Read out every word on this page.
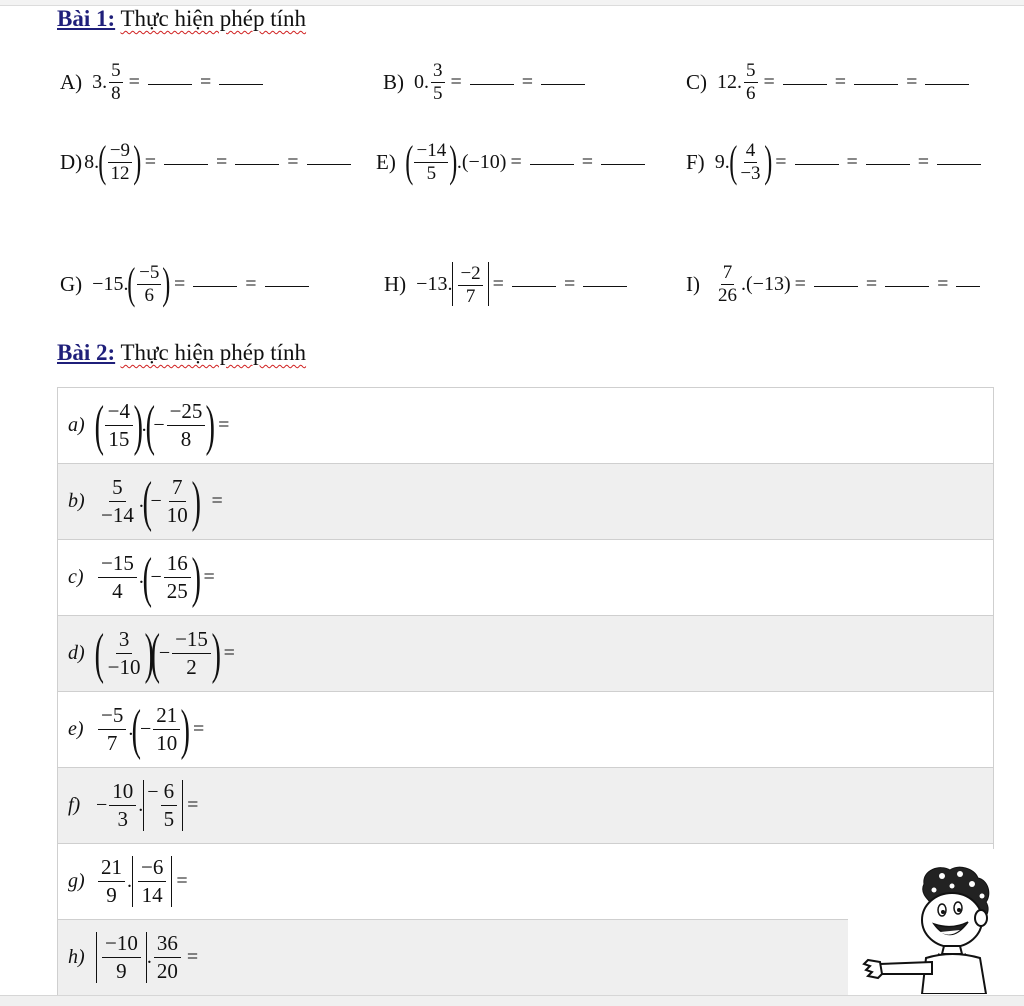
Bài 1: Thực hiện phép tính
A) 3. $\frac{5}{8}$ =	=	B) 0. $\frac{3}{5}$ =	=	C) 12. $\frac{5}{6}$ =	=	=
D) 8. ( $\frac{-9}{12}$ ) =	=	=	E) ( $\frac{-14}{5}$ ) .(−10) =	=	F) 9. ( $\frac{4}{-3}$ ) =	=	=
G) −15. ( $\frac{-5}{6}$ ) =	=	H) −13. $\frac{-2}{7}$ =	=	$I) \frac{7}{26} .(-13)$ =	=	=
Bài 2: Thực hiện phép tính
a) ( $\frac{-4}{15}$ )
.
(
− $\frac{-25}{8}$ ) =

$b) \frac{5}{-14}$ .
(
− $\frac{7}{10}$ ) =

$c) \frac{-15}{4}$ .
(
− $\frac{16}{25}$ ) =

d) ( $\frac{3}{-10}$ )
(
− $\frac{-15}{2}$ ) =

$e) \frac{-5}{7}$ .
(
− $\frac{21}{10}$ ) =

$f) - \frac{10}{3}$ .
− $\frac{6}{5}$ =

$g) \frac{21}{9}$ . $\frac{-6}{14}$ =

$h) \frac{-10}{9}$ . $\frac{36}{20}$ =
